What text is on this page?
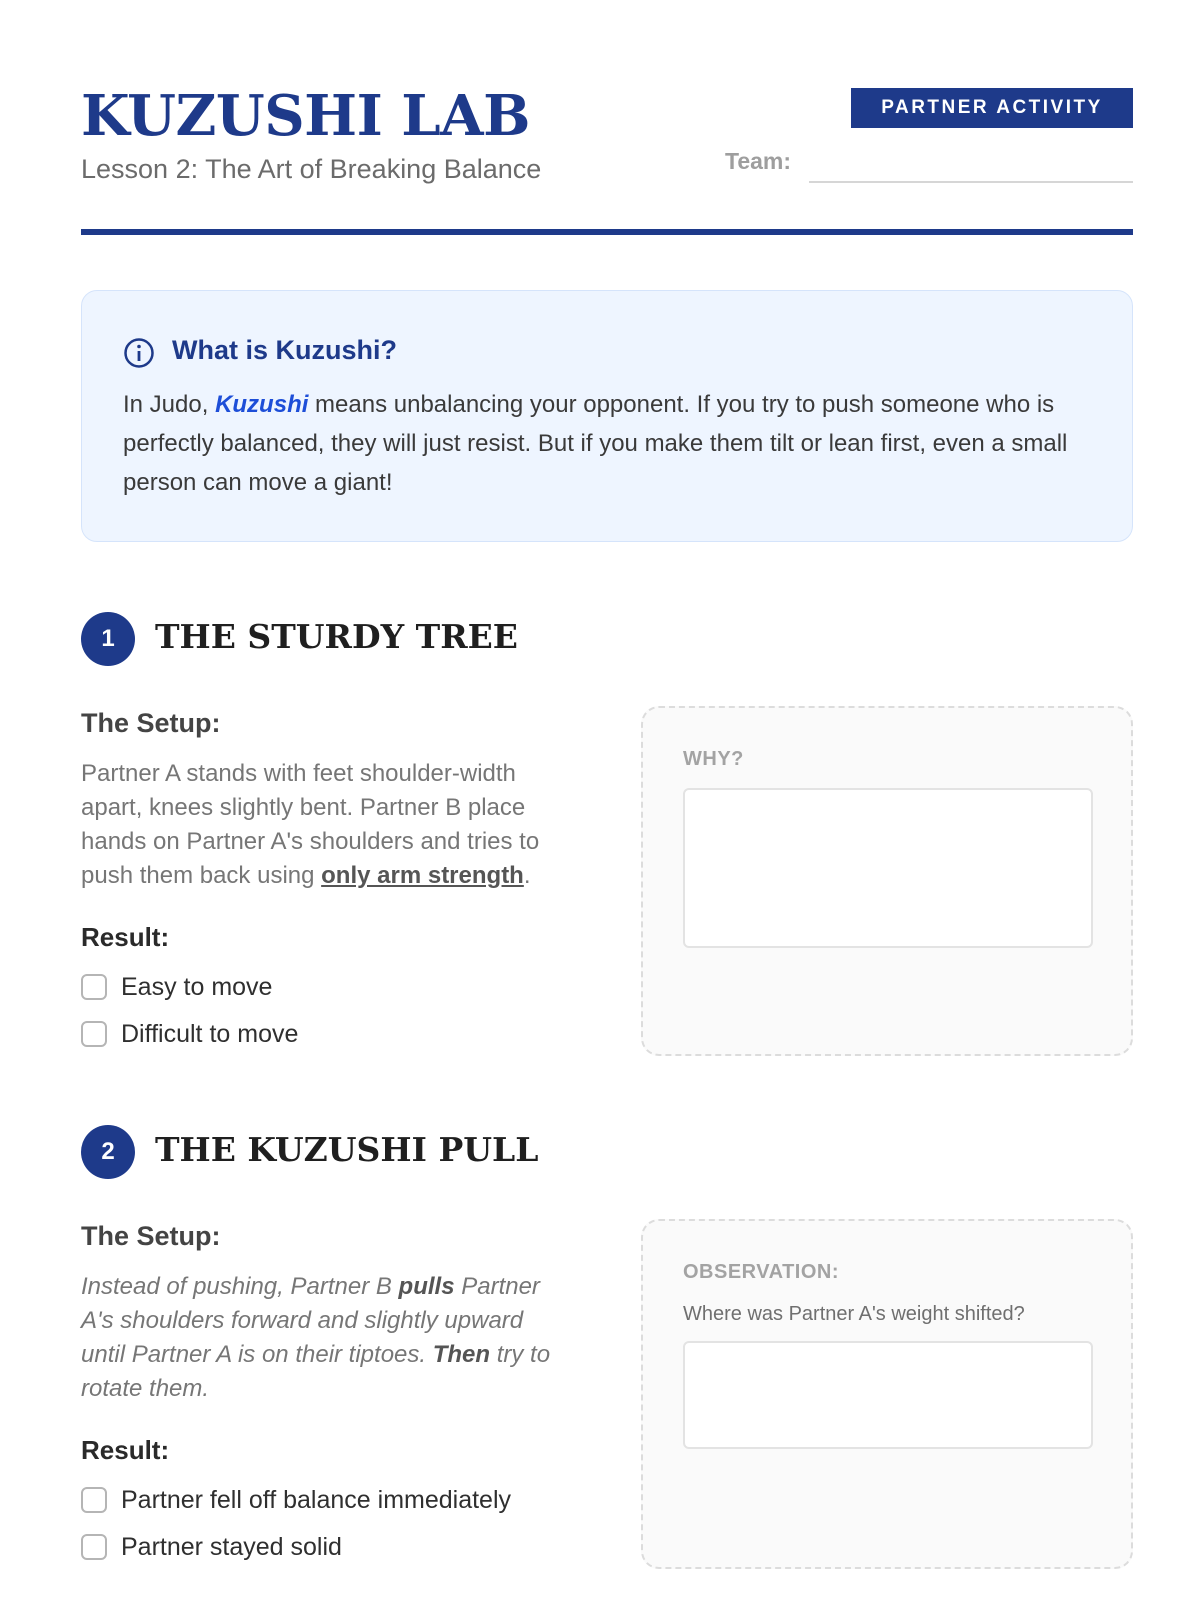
KUZUSHI LAB
Lesson 2: The Art of Breaking Balance
PARTNER ACTIVITY
Team:
What is Kuzushi?
In Judo, Kuzushi means unbalancing your opponent. If you try to push someone who is perfectly balanced, they will just resist. But if you make them tilt or lean first, even a small person can move a giant!
1	THE STURDY TREE
The Setup:
Partner A stands with feet shoulder-width apart, knees slightly bent. Partner B place hands on Partner A's shoulders and tries to push them back using only arm strength.
Result:
Easy to move
Difficult to move
WHY?
2	THE KUZUSHI PULL
The Setup:
Instead of pushing, Partner B pulls Partner A's shoulders forward and slightly upward until Partner A is on their tiptoes. Then try to rotate them.
Result:
Partner fell off balance immediately
Partner stayed solid
OBSERVATION:
Where was Partner A's weight shifted?
